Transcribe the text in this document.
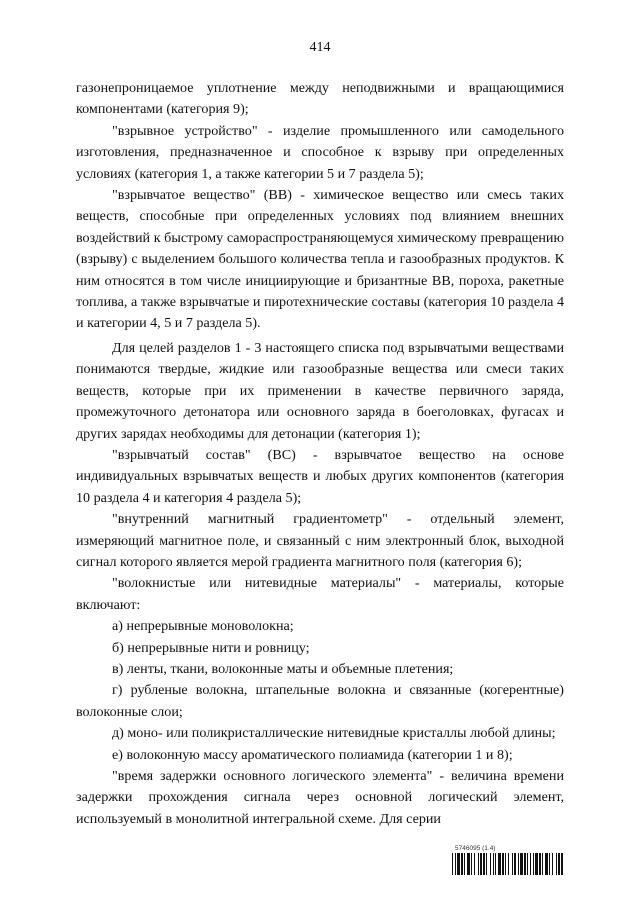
414

газонепроницаемое уплотнение между неподвижными и вращающимися компонентами (категория 9);

"взрывное устройство" - изделие промышленного или самодельного изготовления, предназначенное и способное к взрыву при определенных условиях (категория 1, а также категории 5 и 7 раздела 5);

"взрывчатое вещество" (ВВ) - химическое вещество или смесь таких веществ, способные при определенных условиях под влиянием внешних воздействий к быстрому самораспространяющемуся химическому превращению (взрыву) с выделением большого количества тепла и газообразных продуктов. К ним относятся в том числе инициирующие и бризантные ВВ, пороха, ракетные топлива, а также взрывчатые и пиротехнические составы (категория 10 раздела 4 и категории 4, 5 и 7 раздела 5).

Для целей разделов 1 - 3 настоящего списка под взрывчатыми веществами понимаются твердые, жидкие или газообразные вещества или смеси таких веществ, которые при их применении в качестве первичного заряда, промежуточного детонатора или основного заряда в боеголовках, фугасах и других зарядах необходимы для детонации (категория 1);

"взрывчатый состав" (ВС) - взрывчатое вещество на основе индивидуальных взрывчатых веществ и любых других компонентов (категория 10 раздела 4 и категория 4 раздела 5);

"внутренний магнитный градиентометр" - отдельный элемент, измеряющий магнитное поле, и связанный с ним электронный блок, выходной сигнал которого является мерой градиента магнитного поля (категория 6);

"волокнистые или нитевидные материалы" - материалы, которые включают:

а) непрерывные моноволокна;

б) непрерывные нити и ровницу;

в) ленты, ткани, волоконные маты и объемные плетения;

г) рубленые волокна, штапельные волокна и связанные (когерентные) волоконные слои;

д) моно- или поликристаллические нитевидные кристаллы любой длины;

е) волоконную массу ароматического полиамида (категории 1 и 8);

"время задержки основного логического элемента" - величина времени задержки прохождения сигнала через основной логический элемент, используемый в монолитной интегральной схеме. Для серии

5746095 (1.4)
